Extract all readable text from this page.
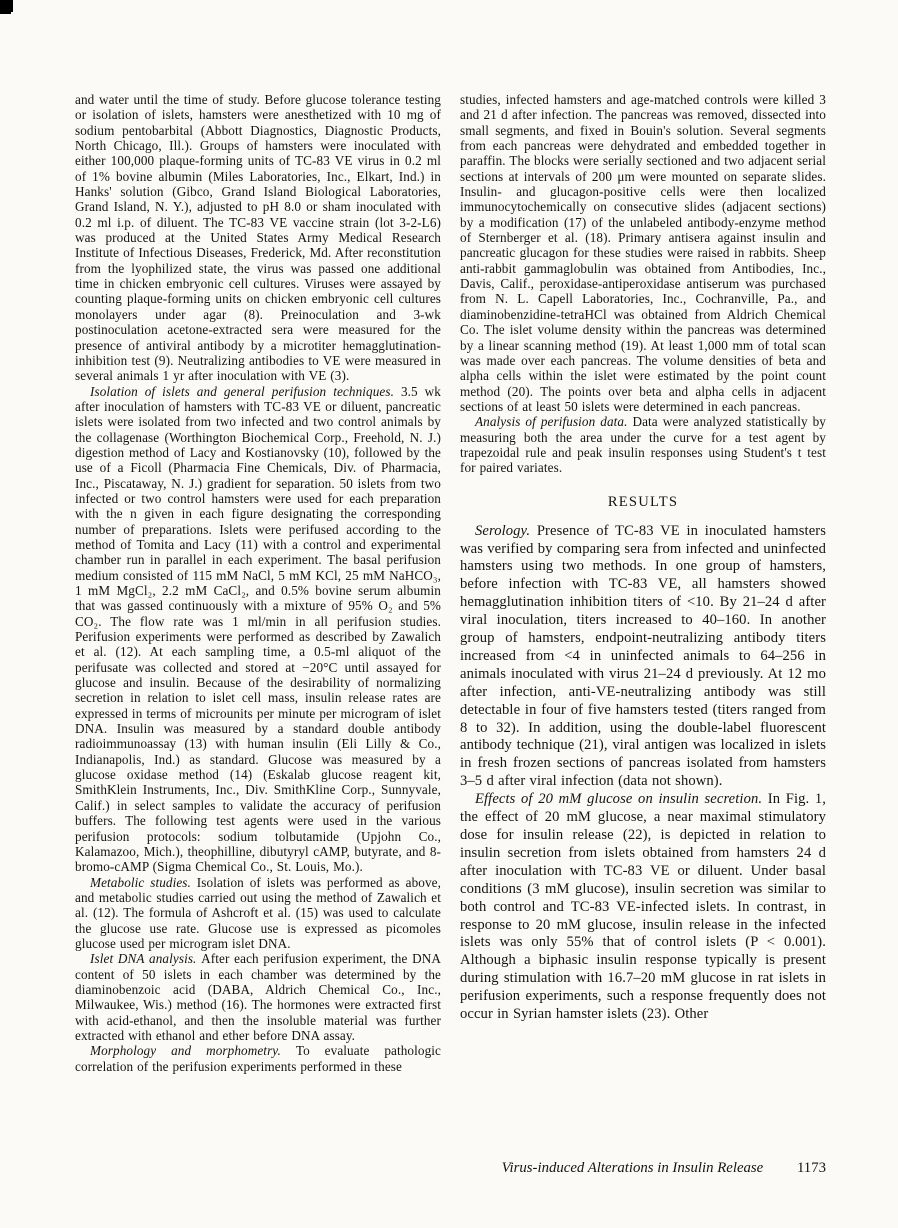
and water until the time of study. Before glucose tolerance testing or isolation of islets, hamsters were anesthetized with 10 mg of sodium pentobarbital (Abbott Diagnostics, Diagnostic Products, North Chicago, Ill.). Groups of hamsters were inoculated with either 100,000 plaque-forming units of TC-83 VE virus in 0.2 ml of 1% bovine albumin (Miles Laboratories, Inc., Elkart, Ind.) in Hanks' solution (Gibco, Grand Island Biological Laboratories, Grand Island, N. Y.), adjusted to pH 8.0 or sham inoculated with 0.2 ml i.p. of diluent. The TC-83 VE vaccine strain (lot 3-2-L6) was produced at the United States Army Medical Research Institute of Infectious Diseases, Frederick, Md. After reconstitution from the lyophilized state, the virus was passed one additional time in chicken embryonic cell cultures. Viruses were assayed by counting plaque-forming units on chicken embryonic cell cultures monolayers under agar (8). Preinoculation and 3-wk postinoculation acetone-extracted sera were measured for the presence of antiviral antibody by a microtiter hemagglutination-inhibition test (9). Neutralizing antibodies to VE were measured in several animals 1 yr after inoculation with VE (3).

Isolation of islets and general perifusion techniques. 3.5 wk after inoculation of hamsters with TC-83 VE or diluent, pancreatic islets were isolated from two infected and two control animals by the collagenase (Worthington Biochemical Corp., Freehold, N. J.) digestion method of Lacy and Kostianovsky (10), followed by the use of a Ficoll (Pharmacia Fine Chemicals, Div. of Pharmacia, Inc., Piscataway, N. J.) gradient for separation. 50 islets from two infected or two control hamsters were used for each preparation with the n given in each figure designating the corresponding number of preparations. Islets were perifused according to the method of Tomita and Lacy (11) with a control and experimental chamber run in parallel in each experiment. The basal perifusion medium consisted of 115 mM NaCl, 5 mM KCl, 25 mM NaHCO₃, 1 mM MgCl₂, 2.2 mM CaCl₂, and 0.5% bovine serum albumin that was gassed continuously with a mixture of 95% O₂ and 5% CO₂. The flow rate was 1 ml/min in all perifusion studies. Perifusion experiments were performed as described by Zawalich et al. (12). At each sampling time, a 0.5-ml aliquot of the perifusate was collected and stored at −20°C until assayed for glucose and insulin. Because of the desirability of normalizing secretion in relation to islet cell mass, insulin release rates are expressed in terms of microunits per minute per microgram of islet DNA. Insulin was measured by a standard double antibody radioimmunoassay (13) with human insulin (Eli Lilly & Co., Indianapolis, Ind.) as standard. Glucose was measured by a glucose oxidase method (14) (Eskalab glucose reagent kit, SmithKlein Instruments, Inc., Div. SmithKline Corp., Sunnyvale, Calif.) in select samples to validate the accuracy of perifusion buffers. The following test agents were used in the various perifusion protocols: sodium tolbutamide (Upjohn Co., Kalamazoo, Mich.), theophilline, dibutyryl cAMP, butyrate, and 8-bromo-cAMP (Sigma Chemical Co., St. Louis, Mo.).

Metabolic studies. Isolation of islets was performed as above, and metabolic studies carried out using the method of Zawalich et al. (12). The formula of Ashcroft et al. (15) was used to calculate the glucose use rate. Glucose use is expressed as picomoles glucose used per microgram islet DNA.

Islet DNA analysis. After each perifusion experiment, the DNA content of 50 islets in each chamber was determined by the diaminobenzoic acid (DABA, Aldrich Chemical Co., Inc., Milwaukee, Wis.) method (16). The hormones were extracted first with acid-ethanol, and then the insoluble material was further extracted with ethanol and ether before DNA assay.

Morphology and morphometry. To evaluate pathologic correlation of the perifusion experiments performed in these

studies, infected hamsters and age-matched controls were killed 3 and 21 d after infection. The pancreas was removed, dissected into small segments, and fixed in Bouin's solution. Several segments from each pancreas were dehydrated and embedded together in paraffin. The blocks were serially sectioned and two adjacent serial sections at intervals of 200 μm were mounted on separate slides. Insulin- and glucagon-positive cells were then localized immunocytochemically on consecutive slides (adjacent sections) by a modification (17) of the unlabeled antibody-enzyme method of Sternberger et al. (18). Primary antisera against insulin and pancreatic glucagon for these studies were raised in rabbits. Sheep anti-rabbit gammaglobulin was obtained from Antibodies, Inc., Davis, Calif., peroxidase-antiperoxidase antiserum was purchased from N. L. Capell Laboratories, Inc., Cochranville, Pa., and diaminobenzidine-tetraHCl was obtained from Aldrich Chemical Co. The islet volume density within the pancreas was determined by a linear scanning method (19). At least 1,000 mm of total scan was made over each pancreas. The volume densities of beta and alpha cells within the islet were estimated by the point count method (20). The points over beta and alpha cells in adjacent sections of at least 50 islets were determined in each pancreas.

Analysis of perifusion data. Data were analyzed statistically by measuring both the area under the curve for a test agent by trapezoidal rule and peak insulin responses using Student's t test for paired variates.

RESULTS

Serology. Presence of TC-83 VE in inoculated hamsters was verified by comparing sera from infected and uninfected hamsters using two methods. In one group of hamsters, before infection with TC-83 VE, all hamsters showed hemagglutination inhibition titers of <10. By 21–24 d after viral inoculation, titers increased to 40–160. In another group of hamsters, endpoint-neutralizing antibody titers increased from <4 in uninfected animals to 64–256 in animals inoculated with virus 21–24 d previously. At 12 mo after infection, anti-VE-neutralizing antibody was still detectable in four of five hamsters tested (titers ranged from 8 to 32). In addition, using the double-label fluorescent antibody technique (21), viral antigen was localized in islets in fresh frozen sections of pancreas isolated from hamsters 3–5 d after viral infection (data not shown).

Effects of 20 mM glucose on insulin secretion. In Fig. 1, the effect of 20 mM glucose, a near maximal stimulatory dose for insulin release (22), is depicted in relation to insulin secretion from islets obtained from hamsters 24 d after inoculation with TC-83 VE or diluent. Under basal conditions (3 mM glucose), insulin secretion was similar to both control and TC-83 VE-infected islets. In contrast, in response to 20 mM glucose, insulin release in the infected islets was only 55% that of control islets (P < 0.001). Although a biphasic insulin response typically is present during stimulation with 16.7–20 mM glucose in rat islets in perifusion experiments, such a response frequently does not occur in Syrian hamster islets (23). Other

Virus-induced Alterations in Insulin Release 1173
